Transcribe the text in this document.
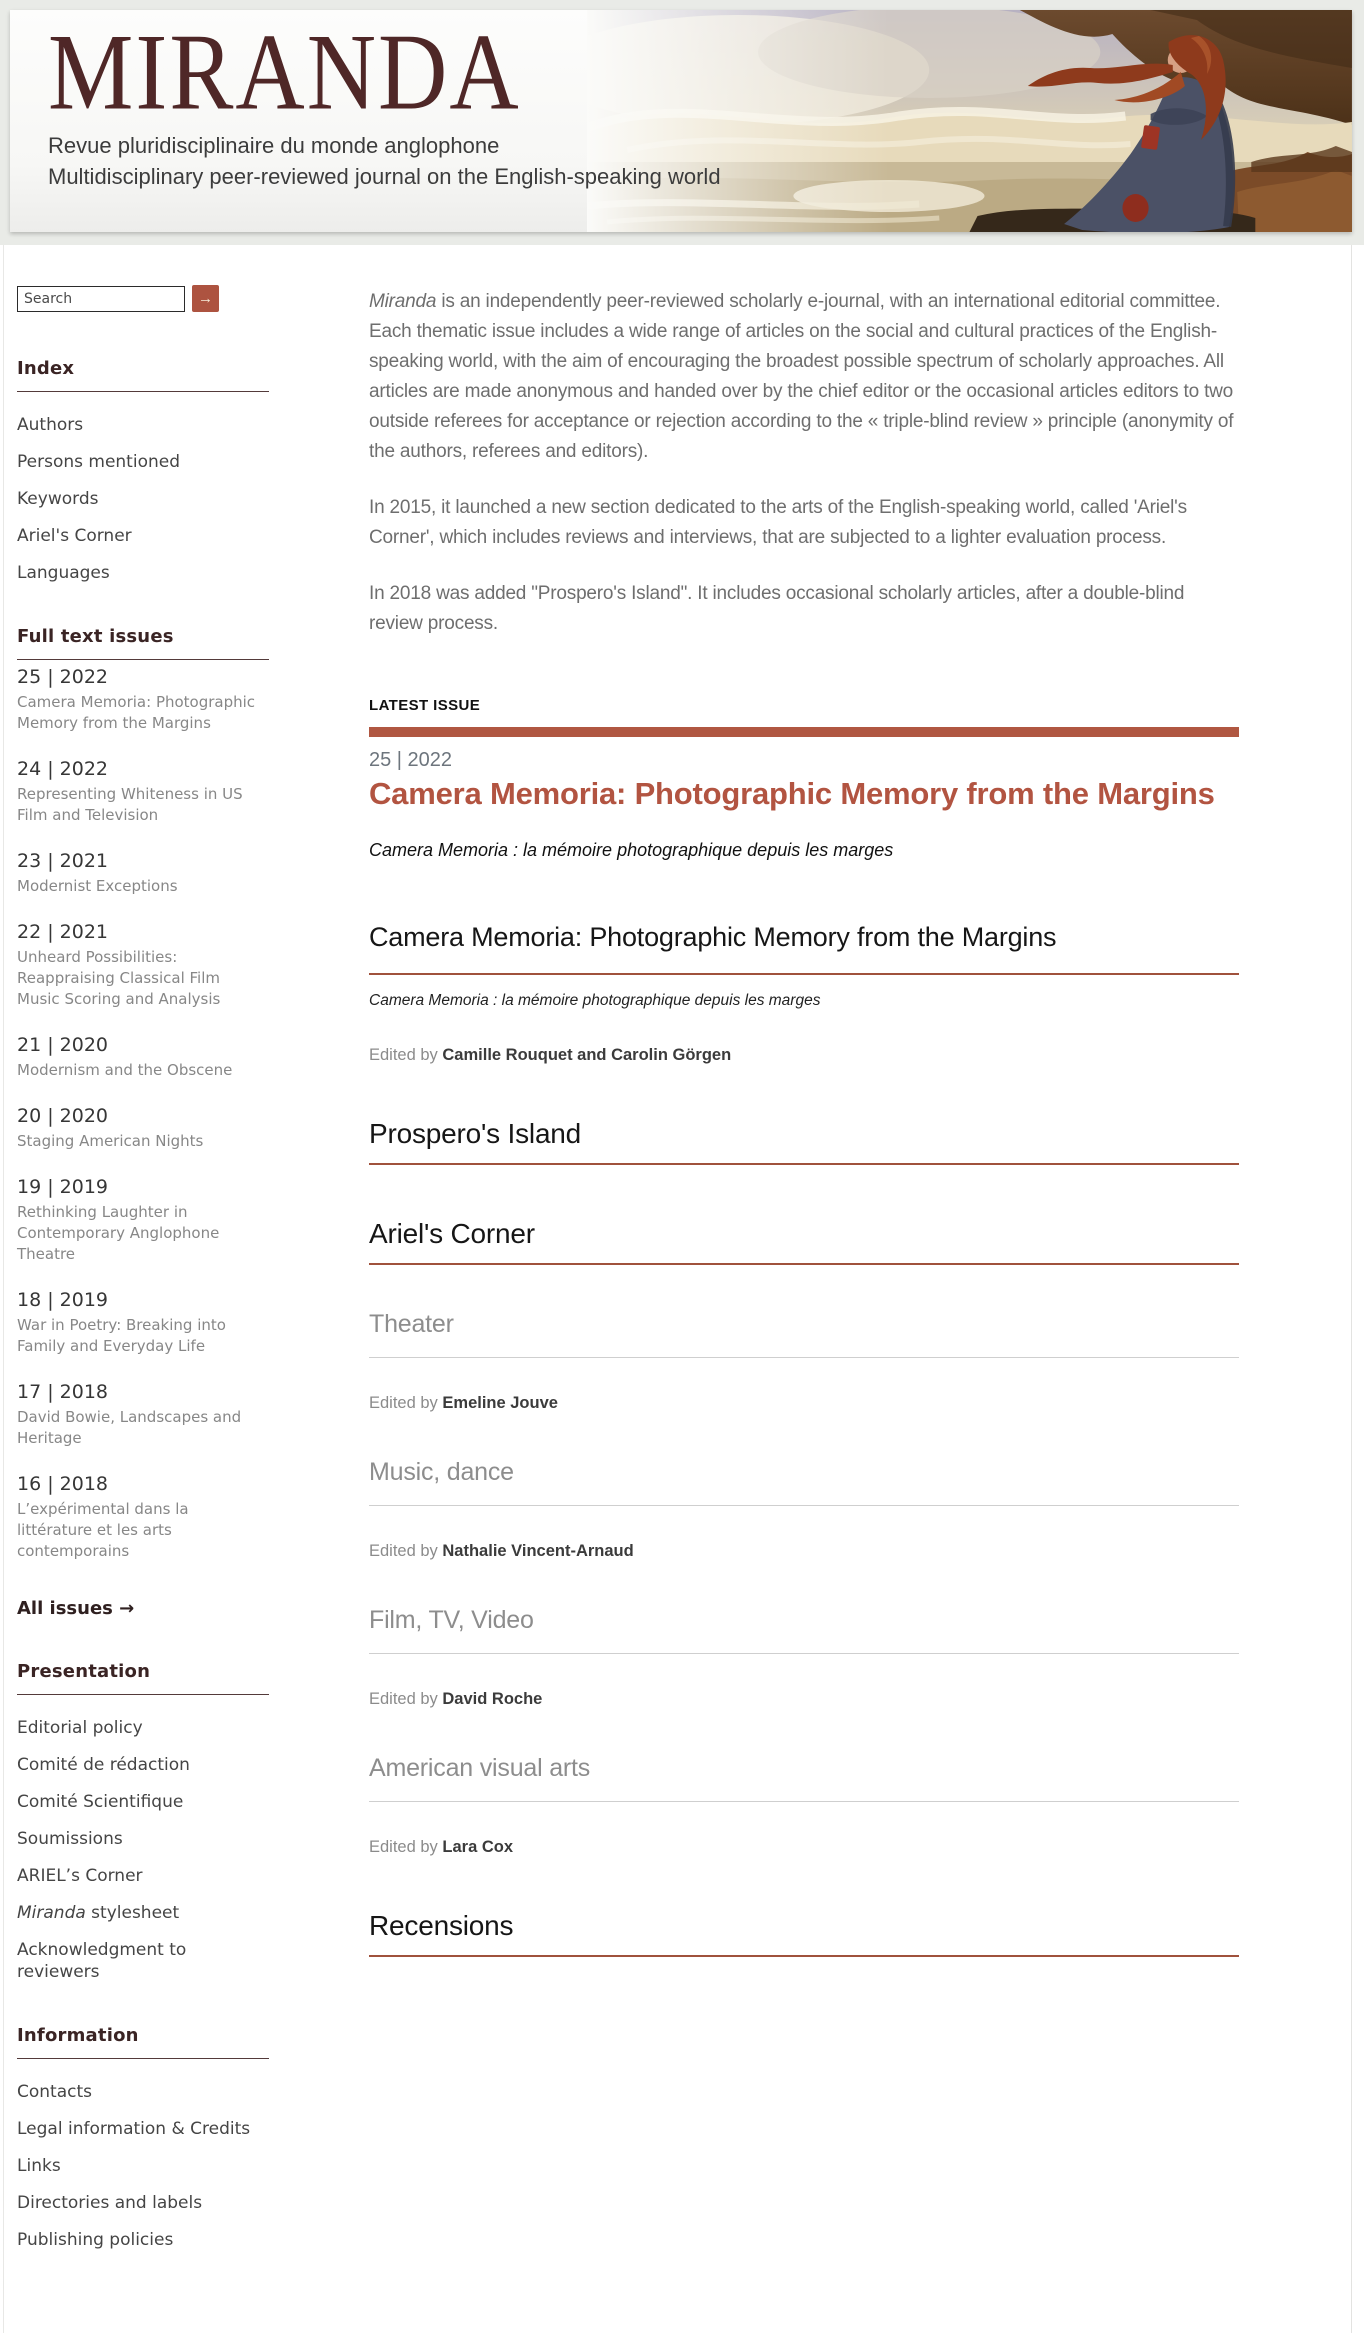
MIRANDA

Revue pluridisciplinaire du monde anglophone

Multidisciplinary peer-reviewed journal on the English-speaking world

Search
→
Index
Authors
Persons mentioned
Keywords
Ariel's Corner
Languages
Full text issues
25 | 2022
Camera Memoria: Photographic Memory from the Margins
24 | 2022
Representing Whiteness in US Film and Television
23 | 2021
Modernist Exceptions
22 | 2021
Unheard Possibilities: Reappraising Classical Film Music Scoring and Analysis
21 | 2020
Modernism and the Obscene
20 | 2020
Staging American Nights
19 | 2019
Rethinking Laughter in Contemporary Anglophone Theatre
18 | 2019
War in Poetry: Breaking into Family and Everyday Life
17 | 2018
David Bowie, Landscapes and Heritage
16 | 2018
L’expérimental dans la littérature et les arts contemporains
All issues →
Presentation
Editorial policy
Comité de rédaction
Comité Scientifique
Soumissions
ARIEL’s Corner
Miranda stylesheet
Acknowledgment to reviewers
Information
Contacts
Legal information & Credits
Links
Directories and labels
Publishing policies

Miranda is an independently peer-reviewed scholarly e-journal, with an international editorial committee. Each thematic issue includes a wide range of articles on the social and cultural practices of the English-speaking world, with the aim of encouraging the broadest possible spectrum of scholarly approaches. All articles are made anonymous and handed over by the chief editor or the occasional articles editors to two outside referees for acceptance or rejection according to the « triple-blind review » principle (anonymity of the authors, referees and editors).

In 2015, it launched a new section dedicated to the arts of the English-speaking world, called 'Ariel's Corner', which includes reviews and interviews, that are subjected to a lighter evaluation process.

In 2018 was added "Prospero's Island". It includes occasional scholarly articles, after a double-blind review process.

LATEST ISSUE
25 | 2022
Camera Memoria: Photographic Memory from the Margins

Camera Memoria : la mémoire photographique depuis les marges

Camera Memoria: Photographic Memory from the Margins

Camera Memoria : la mémoire photographique depuis les marges

Edited by Camille Rouquet and Carolin Görgen

Prospero's Island
Ariel's Corner
Theater

Edited by Emeline Jouve

Music, dance

Edited by Nathalie Vincent-Arnaud

Film, TV, Video

Edited by David Roche

American visual arts

Edited by Lara Cox

Recensions
